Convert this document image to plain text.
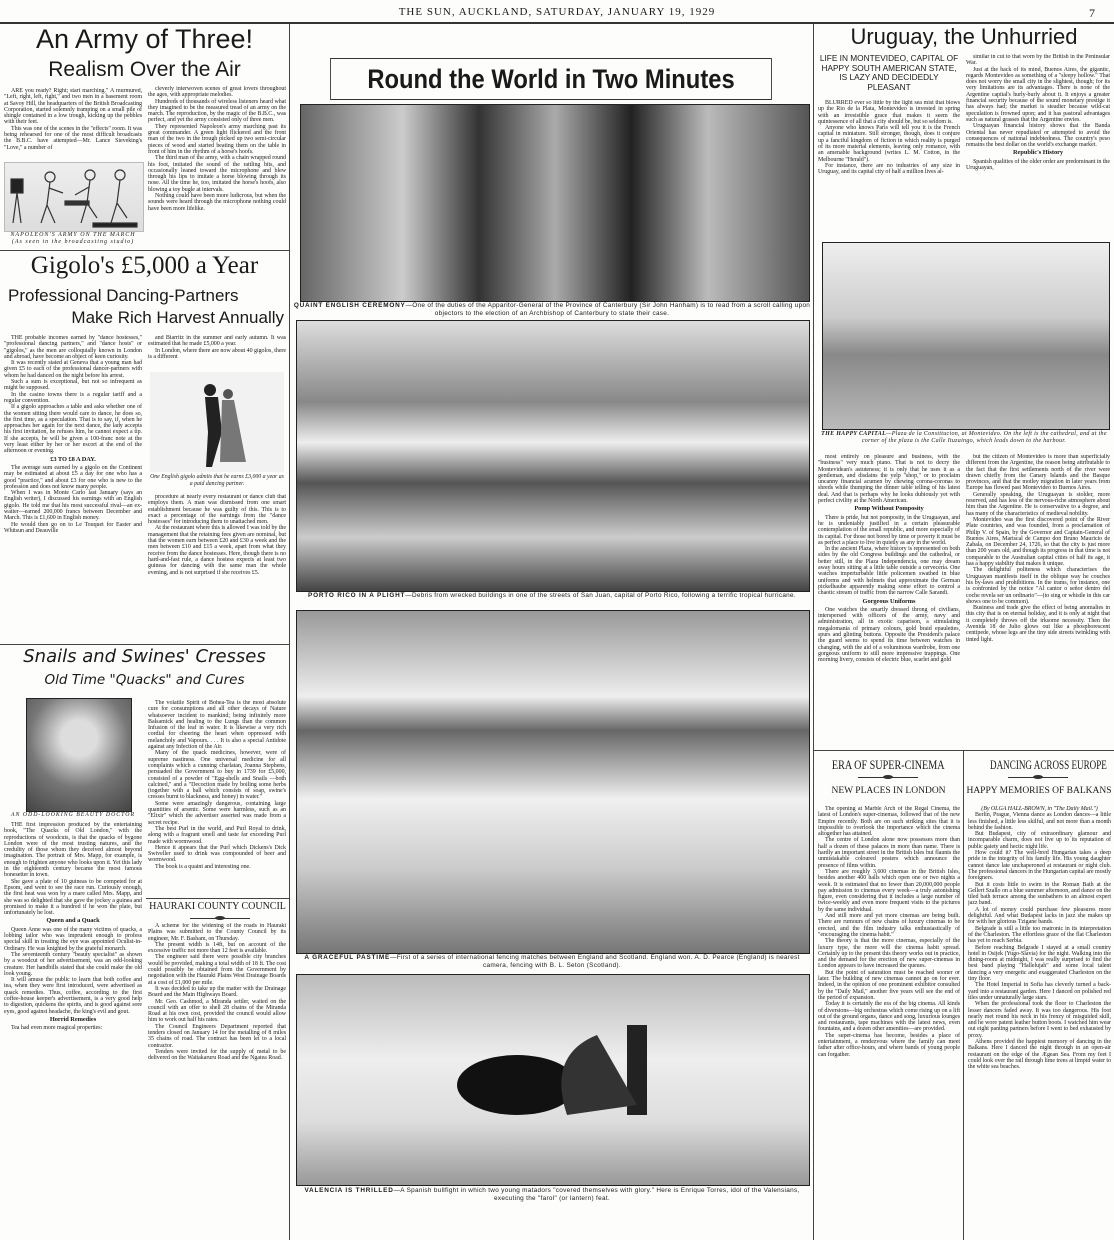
THE SUN, AUCKLAND, SATURDAY, JANUARY 19, 1929	7
An Army of Three!
Realism Over the Air

ARE you ready? Right; start marching." A murmured, "Left, right, left, right," and two men in a basement room at Savoy Hill, the headquarters of the British Broadcasting Corporation, started solemnly tramping on a small pile of shingle contained in a low trough, kicking up the pebbles with their feet.

This was one of the scenes in the "effects" room. It was being rehearsed for one of the most difficult broadcasts the B.B.C. have attempted—Mr. Lance Sieveking's "Love," a number of

NAPOLEON'S ARMY ON THE MARCH
(As seen in the broadcasting studio)

cleverly interwoven scenes of great lovers throughout the ages, with appropriate melodies.

Hundreds of thousands of wireless listeners heard what they imagined to be the measured tread of an army on the march. The reproduction, by the magic of the B.B.C., was perfect, and yet the army consisted only of three men.

They represented Napoleon's army marching past its great commander. A green light flickered and the front man of the two in the trough picked up two semi-circular pieces of wood and started beating them on the table in front of him in the rhythm of a horse's hoofs.

The third man of the army, with a chain wrapped round his foot, imitated the sound of the rattling bits, and occasionally leaned toward the microphone and blew through his lips to imitate a horse blowing through its nose. All the time he, too, imitated the horse's hoofs, also blowing a toy bugle at intervals.

Nothing could have been more ludicrous, but when the sounds were heard through the microphone nothing could have been more lifelike.

Gigolo's £5,000 a Year
Professional Dancing-Partners
Make Rich Harvest Annually

THE probable incomes earned by "dance hostesses," "professional dancing partners," and "dance hosts" or "gigolos," as the men are colloquially known in London and abroad, have become an object of keen curiosity.

It was recently stated at Geneva that a young man had given £5 to each of the professional dancer-partners with whom he had danced on the night before his arrest.

Such a sum is exceptional, but not so infrequent as might be supposed.

In the casino towns there is a regular tariff and a regular convention.

If a gigolo approaches a table and asks whether one of the women sitting there would care to dance, he does so, the first time, as a speculation. That is to say, if, when he approaches her again for the next dance, the lady accepts his first invitation, he refuses him, he cannot expect a tip. If she accepts, he will be given a 100-franc note at the very least either by her or her escort at the end of the afternoon or evening.

£3 TO £8 A DAY.

The average sum earned by a gigolo on the Continent may be estimated at about £5 a day for one who has a good "practice," and about £3 for one who is new to the profession and does not know many people.

When I was in Monte Carlo last January (says an English writer), I discussed his earnings with an English gigolo. He told me that his most successful rival—an ex-waiter—earned 200,000 francs between December and March. This is £1,600 in English money.

He would then go on to Le Touquet for Easter and Whitsun and Deauville

and Biarritz in the summer and early autumn. It was estimated that he made £5,000 a year.

In London, where there are now about 40 gigolos, there is a different

One English gigolo admits that he earns £3,000 a year as a paid dancing partner.

procedure at nearly every restaurant or dance club that employs them. A man was dismissed from one smart establishment because he was guilty of this. This is to exact a percentage of the earnings from the "dance hostesses" for introducing them to unattached men.

At the restaurant where this is allowed I was told by the management that the retaining fees given are nominal, but that the women earn between £20 and £30 a week and the men between £10 and £15 a week, apart from what they receive from the dance hostesses. Here, though there is no hard-and-fast rule, a dance hostess expects at least two guineas for dancing with the same man the whole evening, and is not surprised if she receives £5.

Snails and Swines' Cresses
Old Time "Quacks" and Cures
AN ODD-LOOKING BEAUTY DOCTOR

THE first impression produced by the entertaining book, "The Quacks of Old London," with the reproductions of woodcuts, is that the quacks of bygone London were of the most trusting natures, and the credulity of those whom they deceived almost beyond imagination. The portrait of Mrs. Mapp, for example, is enough to frighten anyone who looks upon it. Yet this lady in the eighteenth century became the most famous bonesetter in town.

She gave a plate of 10 guineas to be competed for at Epsom, and went to see the race run. Curiously enough, the first heat was won by a mare called Mrs. Mapp, and she was so delighted that she gave the jockey a guinea and promised to make it a hundred if he won the plate, but unfortunately he lost.

Queen and a Quack

Queen Anne was one of the many victims of quacks, a lobbing tailor who was imprudent enough to profess special skill in treating the eye was appointed Oculist-in-Ordinary. He was knighted by the grateful monarch.

The seventeenth century "beauty specialist" as shown by a woodcut of her advertisement, was an odd-looking creature. Her handbills stated that she could make the old look young.

It will amuse the public to learn that both coffee and tea, when they were first introduced, were advertised as quack remedies. Thus, coffee, according to the first coffee-house keeper's advertisement, is a very good help to digestion, quickens the spirits, and is good against sore eyes, good against headache, the king's evil and gout.

Horrid Remedies

Tea had even more magical properties:

The volatile Spirit of Bohea-Tea is the most absolute cure for consumptions and all other decays of Nature whatsoever incident to mankind; being infinitely more Balsamick and healing to the Lungs than the common Infusion of the leaf in water. It is likewise a very rich cordial for cheering the heart when oppressed with melancholy and Vapours. . . . It is also a special Antidote against any Infection of the Air.

Many of the quack medicines, however, were of supreme nastiness. One universal medicine for all complaints which a cunning charlatan, Joanna Stephens, persuaded the Government to buy in 1739 for £5,000, consisted of a powder of "Egg-shells and Snails —both calcined," and a "Decoction made by boiling some herbs (together with a ball which consists of soap, swine's cresses burnt to blackness, and honey) in water."

Some were amazingly dangerous, containing large quantities of arsenic. Some were harmless, such as an "Elixir" which the advertiser asserted was made from a secret recipe.

The best Purl in the world, and Purl Royal to drink, along with a fragrant smell and taste far exceeding Purl made with wormwood.

Hence it appears that the Purl which Dickens's Dick Swiveller used to drink was compounded of beer and wormwood.

The book is a quaint and interesting one.

HAURAKI COUNTY COUNCIL

A scheme for the widening of the roads in Hauraki Plains was submitted to the County Council by its engineer, Mr. F. Basham, on Thursday.

The present width is 14ft, but on account of the excessive traffic not more than 12 feet is available.

The engineer said there were possible city branches would be provided, making a total width of 18 ft. The cost could possibly be obtained from the Government by negotiation with the Hauraki Plains West Drainage Boards at a cost of £1,000 per mile.

It was decided to take up the matter with the Drainage Board and the Main Highways Board.

Mr. Geo. Cashmod, a Miranda settler, waited on the council with an offer to shell 28 chains of the Miranda Road at his own cost, provided the council would allow him to work out half his rates.

The Council Engineers Department reported that tenders closed on January 14 for the metalling of 8 miles 35 chains of road. The contract has been let to a local contractor.

Tenders were invited for the supply of metal to be delivered on the Waitakaruru Road and the Ngatea Road.

Round the World in Two Minutes
QUAINT ENGLISH CEREMONY—One of the duties of the Apparitor-General of the Province of Canterbury (Sir John Hanham) is to read from a scroll calling upon objectors to the election of an Archbishop of Canterbury to state their case.
PORTO RICO IN A PLIGHT—Debris from wrecked buildings in one of the streets of San Juan, capital of Porto Rico, following a terrific tropical hurricane.
A GRACEFUL PASTIME—First of a series of international fencing matches between England and Scotland. England won. A. D. Pearce (England) is nearest camera, fencing with B. L. Seton (Scotland).
VALENCIA IS THRILLED—A Spanish bullfight in which two young matadors "covered themselves with glory." Here is Enrique Torres, idol of the Valensians, executing the "farol" (or lantern) feat.
Uruguay, the Unhurried
LIFE IN MONTEVIDEO, CAPITAL OF HAPPY SOUTH AMERICAN STATE, IS LAZY AND DECIDEDLY PLEASANT

BLURRED ever so little by the light sea mist that blows up the Rio de la Plata, Montevideo is invested in spring with an irresistible grace that makes it seem the quintessence of all that a city should be, but so seldom is.

Anyone who knows Paris will tell you it is the French capital in miniature. Still stronger, though, does it conjure up a fanciful kingdom of fiction in which reality is purged of its more material elements, leaving only romance, with an amenable background (writes L. M. Cotton, in the Melbourne "Herald").

For instance, there are no industries of any size in Uruguay, and its capital city of half a million lives al-

similar in cut to that worn by the British in the Peninsular War.

Just at the back of its mind, Buenos Aires, the gigantic, regards Montevideo as something of a "sleepy hollow." That does not worry the small city in the slightest, though; for its very limitations are its advantages. There is none of the Argentine capital's hurly-burly about it. It enjoys a greater financial security because of the sound monetary prestige it has always had; the market is steadier because wild-cat speculation is frowned upon; and it has pastoral advantages such as natural grasses that the Argentine envies.

Uruguayan financial history shows that the Banda Oriental has never repudiated or attempted to avoid the consequences of national indebtedness. The country's peso remains the best dollar on the world's exchange market.

Republic's History

Spanish qualities of the older order are predominant in the Uruguayan,

THE HAPPY CAPITAL—Plaza de la Constitucion, at Montevideo. On the left is the cathedral, and at the corner of the plaza is the Calle Ituzaingo, which leads down to the harbour.

most entirely on pleasure and business, with the "business" very much piano. That is not to decry the Montevidean's astuteness; it is only that he uses it as a gentleman, and disdains the yelp "shop," or to proclaim uncanny financial acumen by chewing corona-coronas to shreds while thumping the dinner table telling of his latest deal. And that is perhaps why he looks dubiously yet with perfect civility at the North American.

Pomp Without Pomposity

There is pride, but not pomposity, in the Uruguayan, and he is undeniably justified in a certain pleasurable contemplation of the small republic, and more especially of its capital. For those not bored by time or poverty it must be as perfect a place to live in quietly as any in the world.

In the ancient Plaza, where history is represented on both sides by the old Congress buildings and the cathedral, or better still, in the Plaza Independencia, one may dream away hours sitting at a little table outside a cervecería. One watches imperturbable little policemen swathed in blue uniforms and with helmets that approximate the German pickelhaube apparently making some effort to control a chaotic stream of traffic from the narrow Calle Sarandi.

Gorgeous Uniforms

One watches the smartly dressed throng of civilians, interspersed with officers of the army, navy and administration, all in exotic caparison, a stimulating megalomania of primary colours, gold braid epaulettes, spurs and glinting buttons. Opposite the President's palace the guard seems to spend its time between watches in changing, with the aid of a voluminous wardrobe, from one gorgeous uniform to still more impressive trappings. One morning livery, consists of electric blue, scarlet and gold

but the citizen of Montevideo is more than superficially different from the Argentine, the reason being attributable to the fact that the first settlements north of the river were drawn chiefly from the Canary Islands and the Basque provinces, and that the motley migration in later years from Europe has flowed past Montevideo to Buenos Aires.

Generally speaking, the Uruguayan is stolder, more reserved, and has less of the nervous-riche atmosphere about him than the Argentine. He is conservative to a degree, and has many of the characteristics of medieval nobility.

Montevideo was the first discovered point of the River Plate countries, and was founded, from a proclamation of Philip V. of Spain, by the Governor and Captain-General of Buenos Aires, Mariscal de Campo don Bruno Mauricio de Zabala, on December 24, 1726, so that the city is just more than 200 years old, and though its progress in that time is not comparable to the Australian capital cities of half its age, it has a happy stability that makes it unique.

The delightful politeness which characterises the Uruguayan manifests itself in the oblique way he couches his by-laws and prohibitions. In the trams, for instance, one is confronted by the notice "Al cantor o señor dentro del coche revela ser un ordinario"—(to sing or whistle in this car shows one to be common).

Business and trade give the effect of being anomalies in this city that is on eternal holiday, and it is only at night that it completely throws off the irksome necessity. Then the Avenida 18 de Julio glows out like a phosphorescent centipede, whose legs are the tiny side streets twinkling with tinted light.

ERA OF SUPER-CINEMA
NEW PLACES IN LONDON

The opening at Marble Arch of the Regal Cinema, the latest of London's super-cinemas, followed that of the new Empire recently. Both are on such striking sites that it is impossible to overlook the importance which the cinema altogether has attained.

The centre of London alone now possesses more than half a dozen of these palaces in more than name. There is hardly an important street in the British Isles but flaunts the unmistakable coloured posters which announce the presence of films within.

There are roughly 3,600 cinemas in the British Isles, besides another 400 halls which open one or two nights a week. It is estimated that no fewer than 20,000,000 people pay admission to cinemas every week—a truly astonishing figure, even considering that it includes a large number of twice-weekly and even more frequent visits to the pictures by the same individual.

And still more and yet more cinemas are being built. There are rumours of new chains of luxury cinemas to be erected, and the film industry talks enthusiastically of "encouraging the cinema habit."

The theory is that the more cinemas, especially of the luxury type, the more will the cinema habit spread. Certainly up to the present this theory works out in practice, and the demand for the erection of new super-cinemas in London appears to have increased the queues.

But the point of saturation must be reached sooner or later. The building of new cinemas cannot go on for ever. Indeed, in the opinion of one prominent exhibitor consulted by the "Daily Mail," another five years will see the end of the period of expansion.

Today it is certainly the era of the big cinema. All kinds of diversions—big orchestras which come rising up on a lift out of the ground organs, dance and song, luxurious lounges and restaurants, tape machines with the latest news, even fountains, and a dozen other amenities—are provided.

The super-cinema has become, besides a place of entertainment, a rendezvous where the family can meet father after office-hours, and where bands of young people can forgather.

DANCING ACROSS EUROPE
HAPPY MEMORIES OF BALKANS

(By OLGA HALL-BROWN, in "The Daily Mail.")

Berlin, Prague, Vienna dance as London dances—a little less finished, a little less skilful, and not more than a month behind the fashion.

But Budapest, city of extraordinary glamour and incomparable charm, does not live up to its reputation of public gaiety and hectic night life.

How could it? The well-bred Hungarian takes a deep pride in the integrity of his family life. His young daughter cannot dance late unchaperoned at restaurant or night club. The professional dancers in the Hungarian capital are mostly foreigners.

But it costs little to swim in the Roman Bath at the Gellert Szallo on a blue summer afternoon, and dance on the tiled bath terrace among the sunbathers to an almost expert jazz band.

A lot of money could purchase few pleasures more delightful. And what Budapest lacks in jazz she makes up for with her glorious Tzigane bands.

Belgrade is still a little too matronic in its interpretation of the Charleston. The effortless grace of the flat Charleston has yet to reach Serbia.

Before reaching Belgrade I stayed at a small country hotel in Osijek (Yugo-Slavia) for the night. Walking into the dining-room at midnight, I was really surprised to find the best band playing "Hallelujah" and some local talent dancing a very energetic and exaggerated Charleston on the tiny floor.

The Hotel Imperial in Sofia has cleverly turned a back-yard into a restaurant garden. Here I danced on polished red tiles under unnaturally large stars.

When the professional took the floor to Charleston the lesser dancers faded away. It was too dangerous. His foot nearly met round his neck in his frenzy of misguided skill, and he wore patent leather button boots. I watched him wear out eight panting partners before I went to bed exhausted by proxy.

Athens provided the happiest memory of dancing in the Balkans. Here I danced the night through in an open-air restaurant on the edge of the Ægean Sea. From my feet I could look over the rail through lime trees at limpid water to the white sea beaches.
